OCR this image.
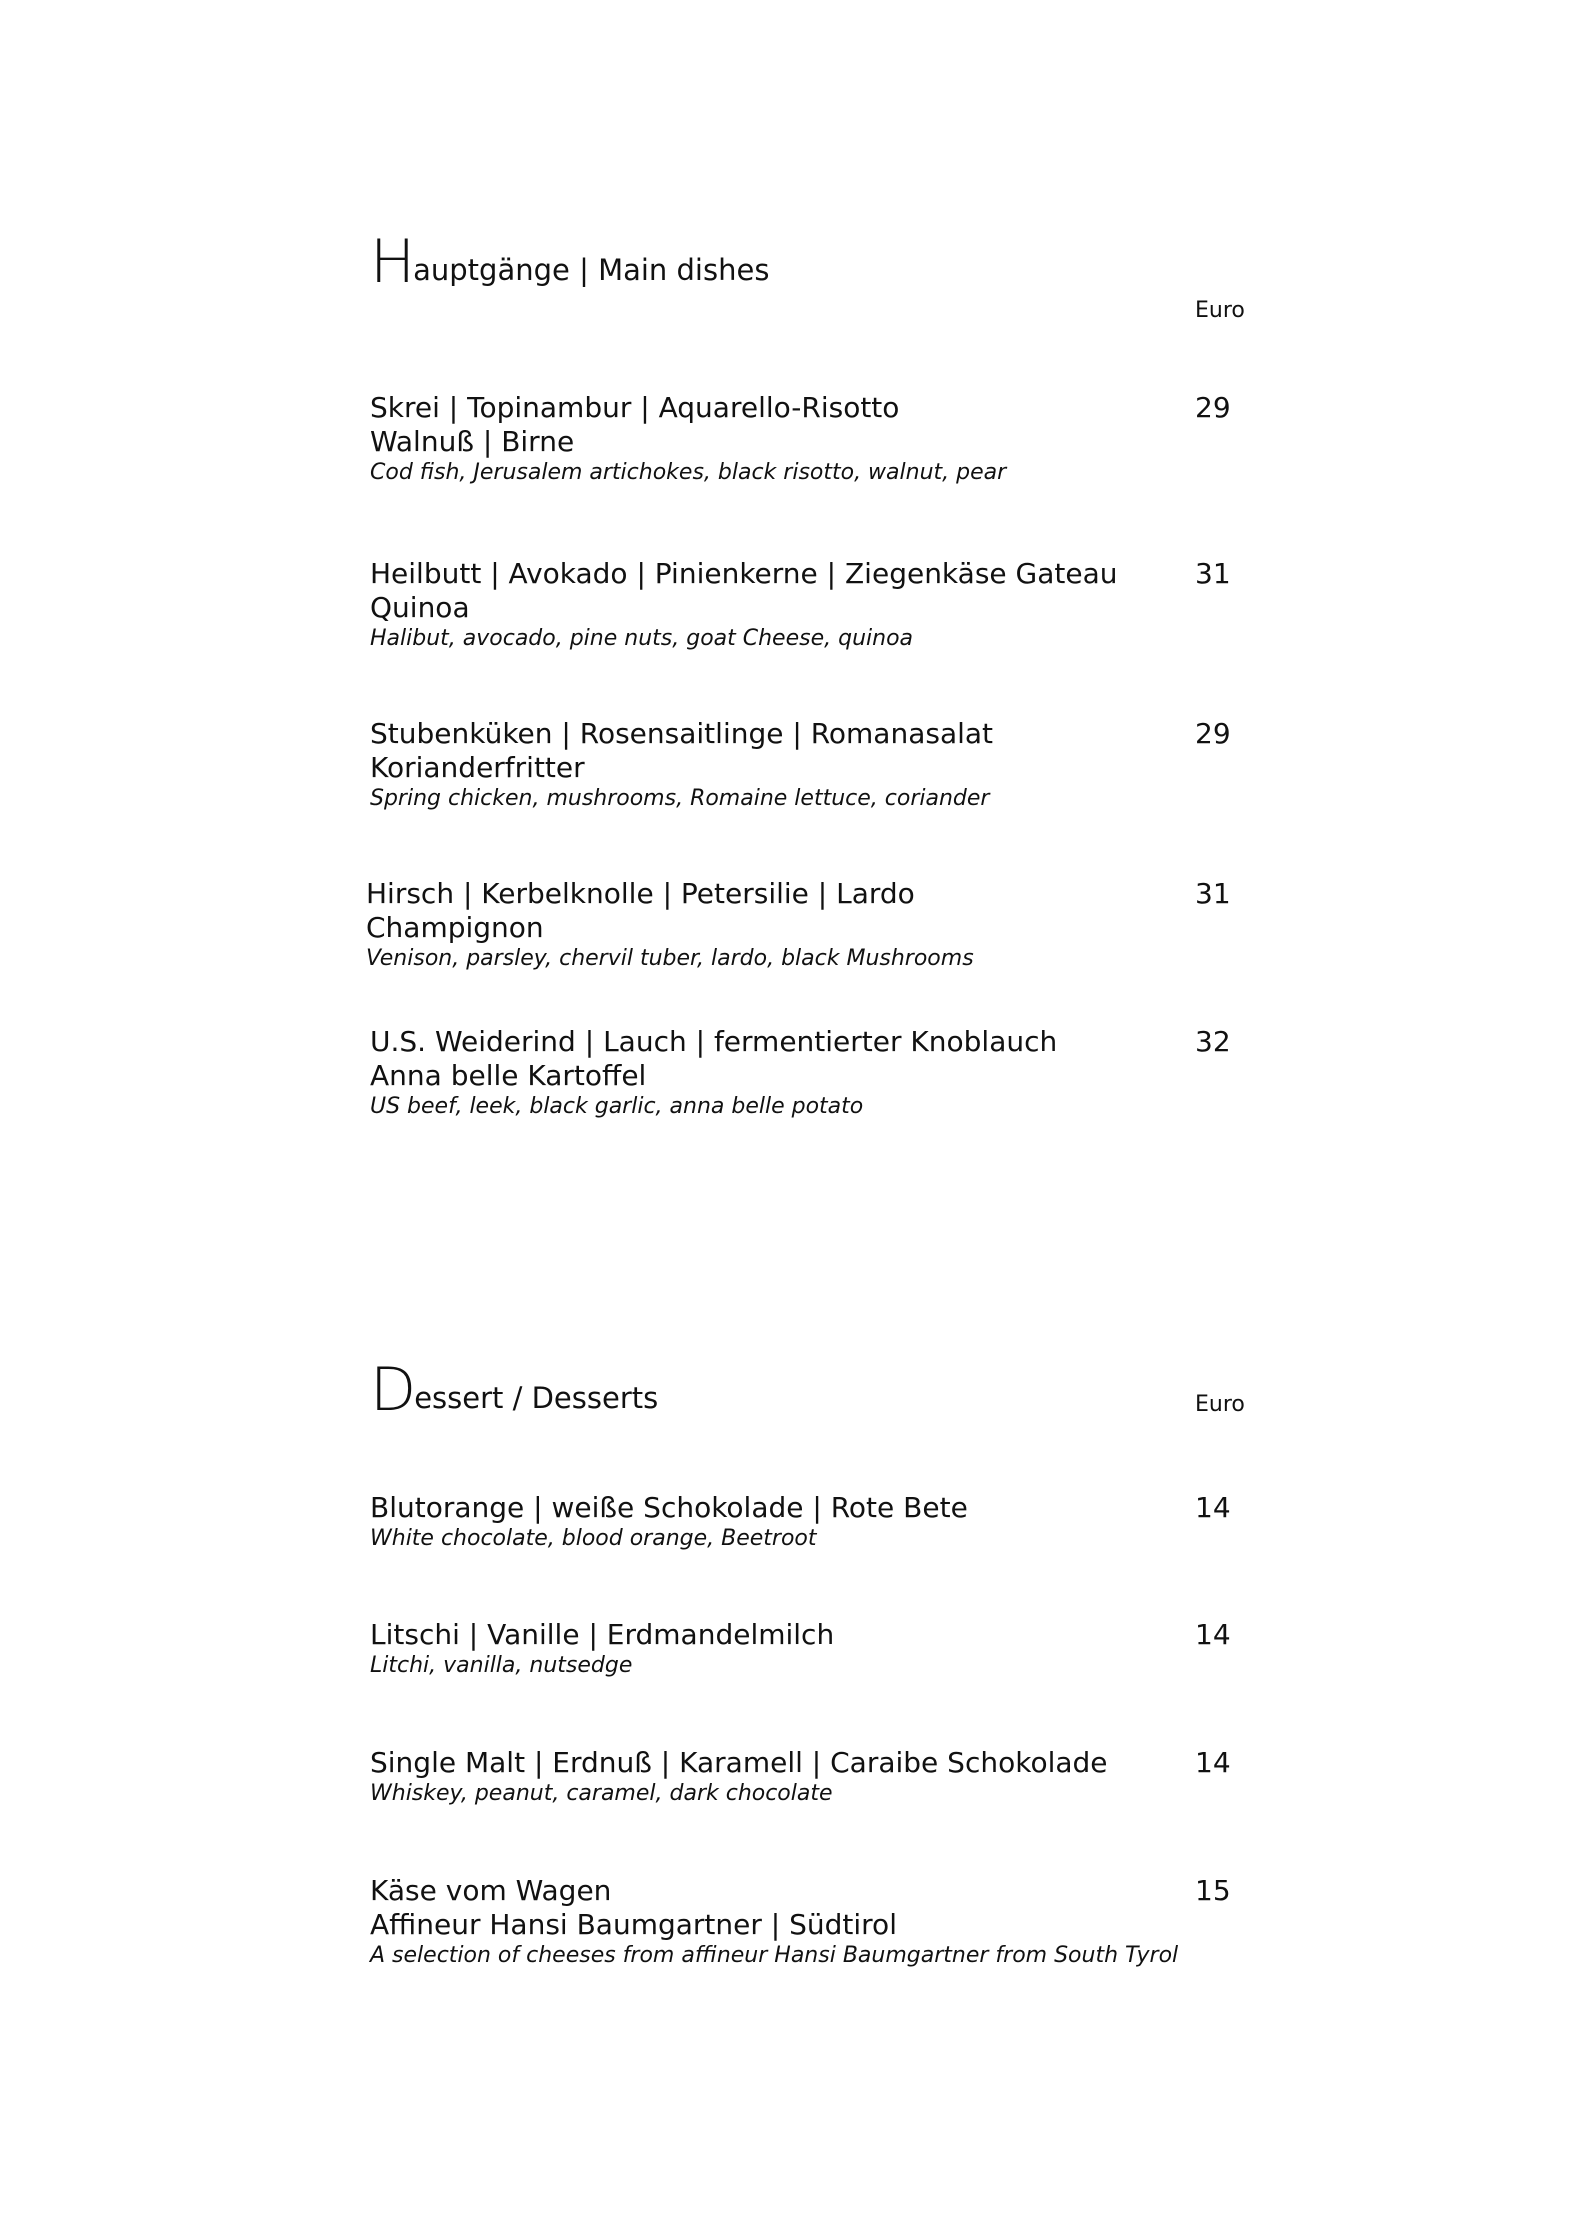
Hauptgänge | Main dishes
Euro
Skrei | Topinambur | Aquarello-Risotto
Walnuß | Birne
Cod fish, Jerusalem artichokes, black risotto, walnut, pear
29
Heilbutt | Avokado | Pinienkerne | Ziegenkäse Gateau
Quinoa
Halibut, avocado, pine nuts, goat Cheese, quinoa
31
Stubenküken | Rosensaitlinge | Romanasalat
Korianderfritter
Spring chicken, mushrooms, Romaine lettuce, coriander
29
Hirsch | Kerbelknolle | Petersilie | Lardo
Champignon
Venison, parsley, chervil tuber, lardo, black Mushrooms
31
U.S. Weiderind | Lauch | fermentierter Knoblauch
Anna belle Kartoffel
US beef, leek, black garlic, anna belle potato
32
Dessert / Desserts	Euro
Blutorange | weiße Schokolade | Rote Bete
White chocolate, blood orange, Beetroot
14
Litschi | Vanille | Erdmandelmilch
Litchi, vanilla, nutsedge
14
Single Malt | Erdnuß | Karamell | Caraibe Schokolade
Whiskey, peanut, caramel, dark chocolate
14
Käse vom Wagen
Affineur Hansi Baumgartner | Südtirol
A selection of cheeses from affineur Hansi Baumgartner from South Tyrol
15
